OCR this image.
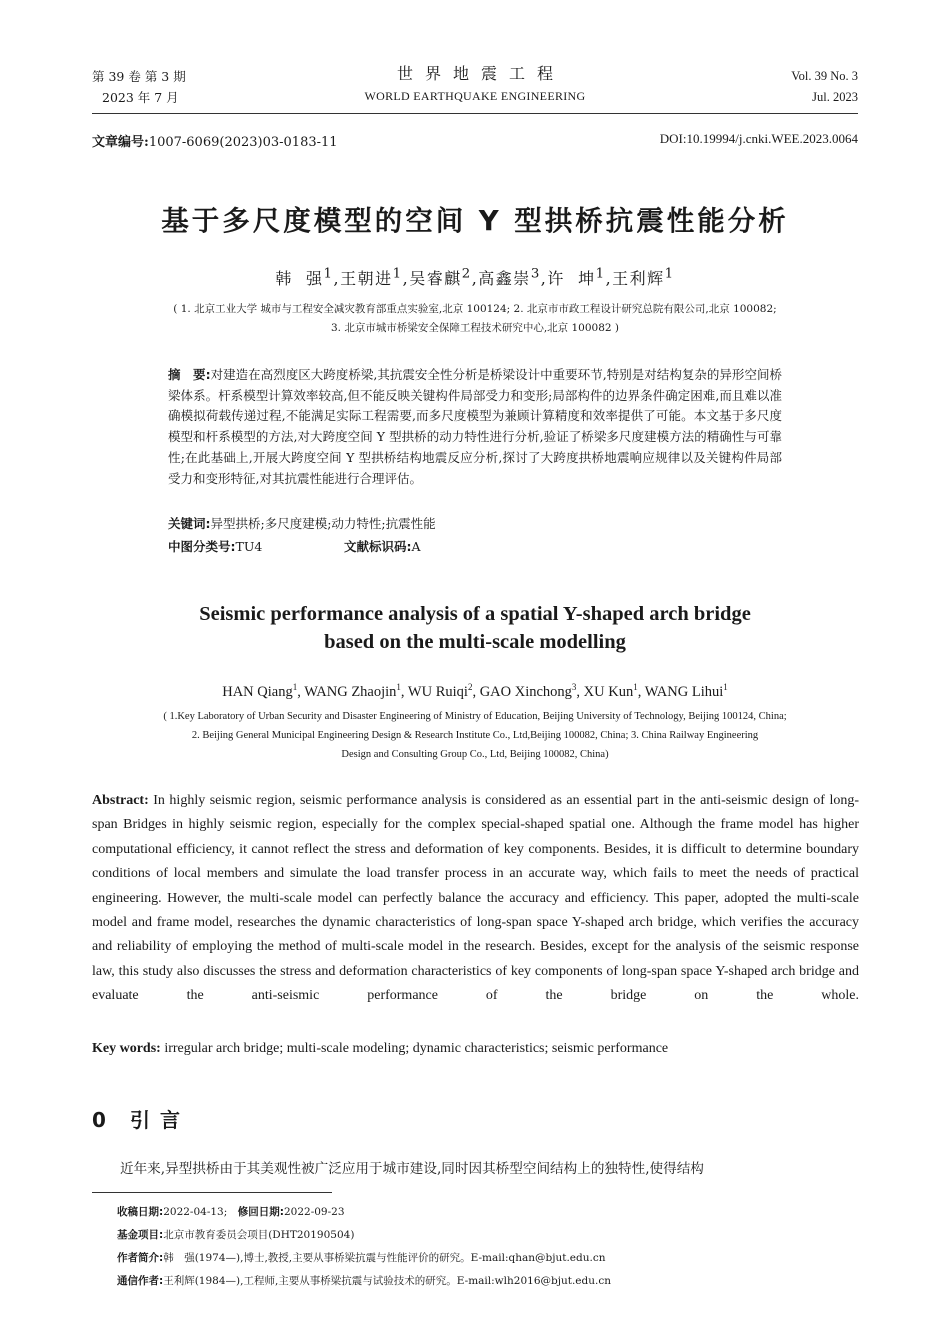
第 39 卷 第 3 期
2023 年 7 月
世界地震工程
WORLD EARTHQUAKE ENGINEERING
Vol. 39 No. 3
Jul. 2023
文章编号:1007-6069(2023)03-0183-11	DOI:10.19994/j.cnki.WEE.2023.0064
基于多尺度模型的空间 Y 型拱桥抗震性能分析
韩  强$^1$,王朝进$^1$,吴睿麒$^2$,高鑫崇$^3$,许  坤$^1$,王利辉$^1$
( 1. 北京工业大学 城市与工程安全减灾教育部重点实验室,北京 100124; 2. 北京市市政工程设计研究总院有限公司,北京 100082;
3. 北京市城市桥梁安全保障工程技术研究中心,北京 100082 )
摘　要:对建造在高烈度区大跨度桥梁,其抗震安全性分析是桥梁设计中重要环节,特别是对结构复杂的异形空间桥梁体系。杆系模型计算效率较高,但不能反映关键构件局部受力和变形;局部构件的边界条件确定困难,而且难以准确模拟荷载传递过程,不能满足实际工程需要,而多尺度模型为兼顾计算精度和效率提供了可能。本文基于多尺度模型和杆系模型的方法,对大跨度空间 Y 型拱桥的动力特性进行分析,验证了桥梁多尺度建模方法的精确性与可靠性;在此基础上,开展大跨度空间 Y 型拱桥结构地震反应分析,探讨了大跨度拱桥地震响应规律以及关键构件局部受力和变形特征,对其抗震性能进行合理评估。
关键词:异型拱桥;多尺度建模;动力特性;抗震性能
中图分类号:TU4	文献标识码:A
Seismic performance analysis of a spatial Y-shaped arch bridge
based on the multi-scale modelling
HAN Qiang$^1$, WANG Zhaojin$^1$, WU Ruiqi$^2$, GAO Xinchong$^3$, XU Kun$^1$, WANG Lihui$^1$
( 1.Key Laboratory of Urban Security and Disaster Engineering of Ministry of Education, Beijing University of Technology, Beijing 100124, China;
2. Beijing General Municipal Engineering Design & Research Institute Co., Ltd,Beijing 100082, China; 3. China Railway Engineering
Design and Consulting Group Co., Ltd, Beijing 100082, China)
Abstract: In highly seismic region, seismic performance analysis is considered as an essential part in the anti-seismic design of long-span Bridges in highly seismic region, especially for the complex special-shaped spatial one. Although the frame model has higher computational efficiency, it cannot reflect the stress and deformation of key components. Besides, it is difficult to determine boundary conditions of local members and simulate the load transfer process in an accurate way, which fails to meet the needs of practical engineering. However, the multi-scale model can perfectly balance the accuracy and efficiency. This paper, adopted the multi-scale model and frame model, researches the dynamic characteristics of long-span space Y-shaped arch bridge, which verifies the accuracy and reliability of employing the method of multi-scale model in the research. Besides, except for the analysis of the seismic response law, this study also discusses the stress and deformation characteristics of key components of long-span space Y-shaped arch bridge and evaluate the anti-seismic performance of the bridge on the whole.
Key words: irregular arch bridge; multi-scale modeling; dynamic characteristics; seismic performance
0 引言
近年来,异型拱桥由于其美观性被广泛应用于城市建设,同时因其桥型空间结构上的独特性,使得结构
收稿日期:2022-04-13;　修回日期:2022-09-23
基金项目:北京市教育委员会项目(DHT20190504)
作者简介:韩　强(1974—),博士,教授,主要从事桥梁抗震与性能评价的研究。E-mail:qhan@bjut.edu.cn
通信作者:王利辉(1984—),工程师,主要从事桥梁抗震与试验技术的研究。E-mail:wlh2016@bjut.edu.cn
